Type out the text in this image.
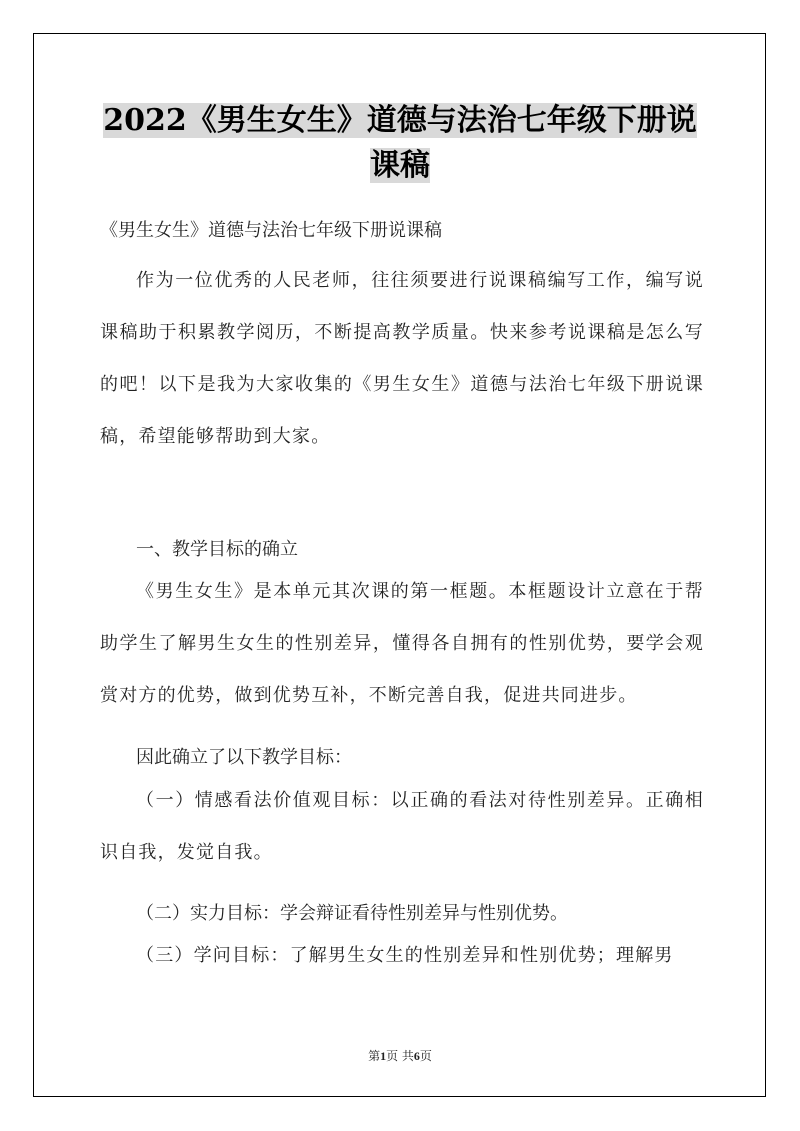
2022《男生女生》道德与法治七年级下册说课稿
《男生女生》道德与法治七年级下册说课稿
作为一位优秀的人民老师，往往须要进行说课稿编写工作，编写说课稿助于积累教学阅历，不断提高教学质量。快来参考说课稿是怎么写的吧！以下是我为大家收集的《男生女生》道德与法治七年级下册说课稿，希望能够帮助到大家。
一、教学目标的确立
《男生女生》是本单元其次课的第一框题。本框题设计立意在于帮助学生了解男生女生的性别差异，懂得各自拥有的性别优势，要学会观赏对方的优势，做到优势互补，不断完善自我，促进共同进步。
因此确立了以下教学目标：
（一）情感看法价值观目标：以正确的看法对待性别差异。正确相识自我，发觉自我。
（二）实力目标：学会辩证看待性别差异与性别优势。
（三）学问目标：了解男生女生的性别差异和性别优势；理解男
第1页 共6页
